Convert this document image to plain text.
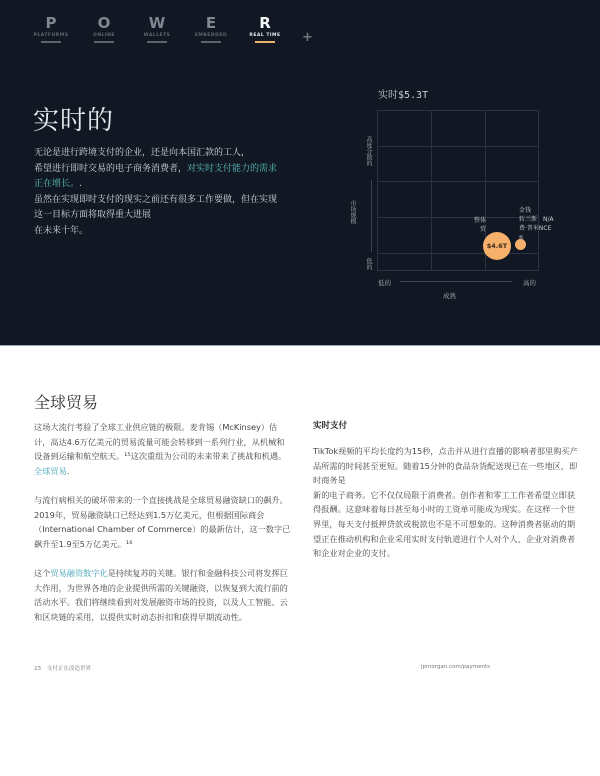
P
PLATFORMS
O
ONLINE
W
WALLETS
E
EMBEDDED
R
REAL TIME	+
实时的
无论是进行跨境支付的企业，还是向本国汇款的工人，
希望进行即时交易的电子商务消费者，对实时支付能力的需求正在增长。.
虽然在实现即时支付的现实之前还有很多工作要做，但在实现这一目标方面将取得重大进展
在未来十年。
实时$5.3T
高度分散的
市场规模
低的
低的	高的
成熟
整体
贸
$4.6T
金钱
转兰斯
费·普米NCE
帐
N/A
全球贸易

这场大流行考验了全球工业供应链的极限。麦肯锡（McKinsey）估计，高达4.6万亿美元的贸易流量可能会转移到一系列行业，从机械和设备到运输和航空航天。¹⁵这次重组为公司的未来带来了挑战和机遇。全球贸易.

与流行病相关的破坏带来的一个直接挑战是全球贸易融资缺口的飙升。2019年，贸易融资缺口已经达到1.5万亿美元，但根据国际商会（International Chamber of Commerce）的最新估计，这一数字已飙升至1.9至5万亿美元。¹⁶

这个贸易融资数字化是持续复苏的关键。银行和金融科技公司将发挥巨大作用，为世界各地的企业提供所需的关键融资，以恢复到大流行前的活动水平。我们将继续看到对发展融资市场的投资，以及人工智能、云和区块链的采用，以提供实时动态折扣和获得早期流动性。

实时支付
TikTok视频的平均长度约为15秒，点击并从进行直播的影响者那里购买产品所需的时间甚至更短。随着15分钟的食品杂货配送现已在一些地区，即时商务是
新的电子商务。它不仅仅局限于消费者。创作者和零工工作者希望立即获得报酬。这意味着每日甚至每小时的工资单可能成为现实。在这样一个世界里，每天支付抵押贷款或税款也不是不可想象的。这种消费者驱动的期望正在推动机构和企业采用实时支付轨道进行个人对个人、企业对消费者和企业对企业的支付。
23 支付正在改造世界	jpmorgan.com/payments
